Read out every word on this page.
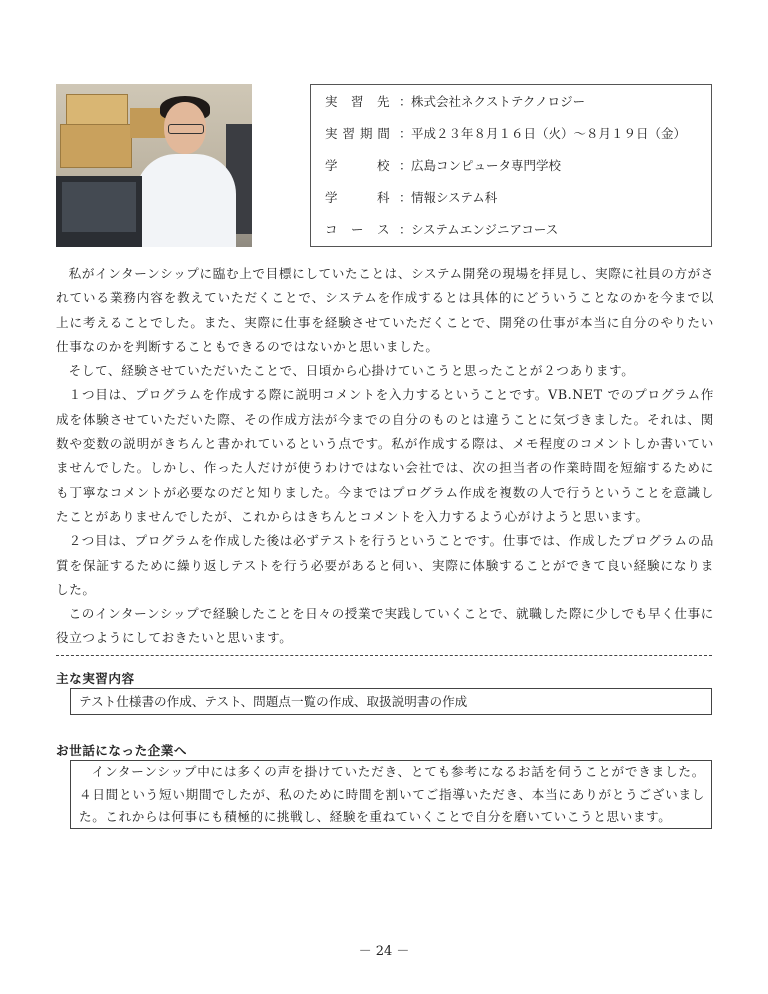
実　習　先 ： 株式会社ネクストテクノロジー
実 習 期 間 ： 平成２３年８月１６日（火）～８月１９日（金）
学　　　校 ： 広島コンピュータ専門学校
学　　　科 ： 情報システム科
コ　ー　ス ： システムエンジニアコース

私がインターンシップに臨む上で目標にしていたことは、システム開発の現場を拝見し、実際に社員の方がされている業務内容を教えていただくことで、システムを作成するとは具体的にどういうことなのかを今まで以上に考えることでした。また、実際に仕事を経験させていただくことで、開発の仕事が本当に自分のやりたい仕事なのかを判断することもできるのではないかと思いました。

そして、経験させていただいたことで、日頃から心掛けていこうと思ったことが２つあります。

１つ目は、プログラムを作成する際に説明コメントを入力するということです。VB.NET でのプログラム作成を体験させていただいた際、その作成方法が今までの自分のものとは違うことに気づきました。それは、関数や変数の説明がきちんと書かれているという点です。私が作成する際は、メモ程度のコメントしか書いていませんでした。しかし、作った人だけが使うわけではない会社では、次の担当者の作業時間を短縮するためにも丁寧なコメントが必要なのだと知りました。今まではプログラム作成を複数の人で行うということを意識したことがありませんでしたが、これからはきちんとコメントを入力するよう心がけようと思います。

２つ目は、プログラムを作成した後は必ずテストを行うということです。仕事では、作成したプログラムの品質を保証するために繰り返しテストを行う必要があると伺い、実際に体験することができて良い経験になりました。

このインターンシップで経験したことを日々の授業で実践していくことで、就職した際に少しでも早く仕事に役立つようにしておきたいと思います。

主な実習内容
テスト仕様書の作成、テスト、問題点一覧の作成、取扱説明書の作成
お世話になった企業へ

インターンシップ中には多くの声を掛けていただき、とても参考になるお話を伺うことができました。４日間という短い期間でしたが、私のために時間を割いてご指導いただき、本当にありがとうございました。これからは何事にも積極的に挑戦し、経験を重ねていくことで自分を磨いていこうと思います。

－ 24 －
